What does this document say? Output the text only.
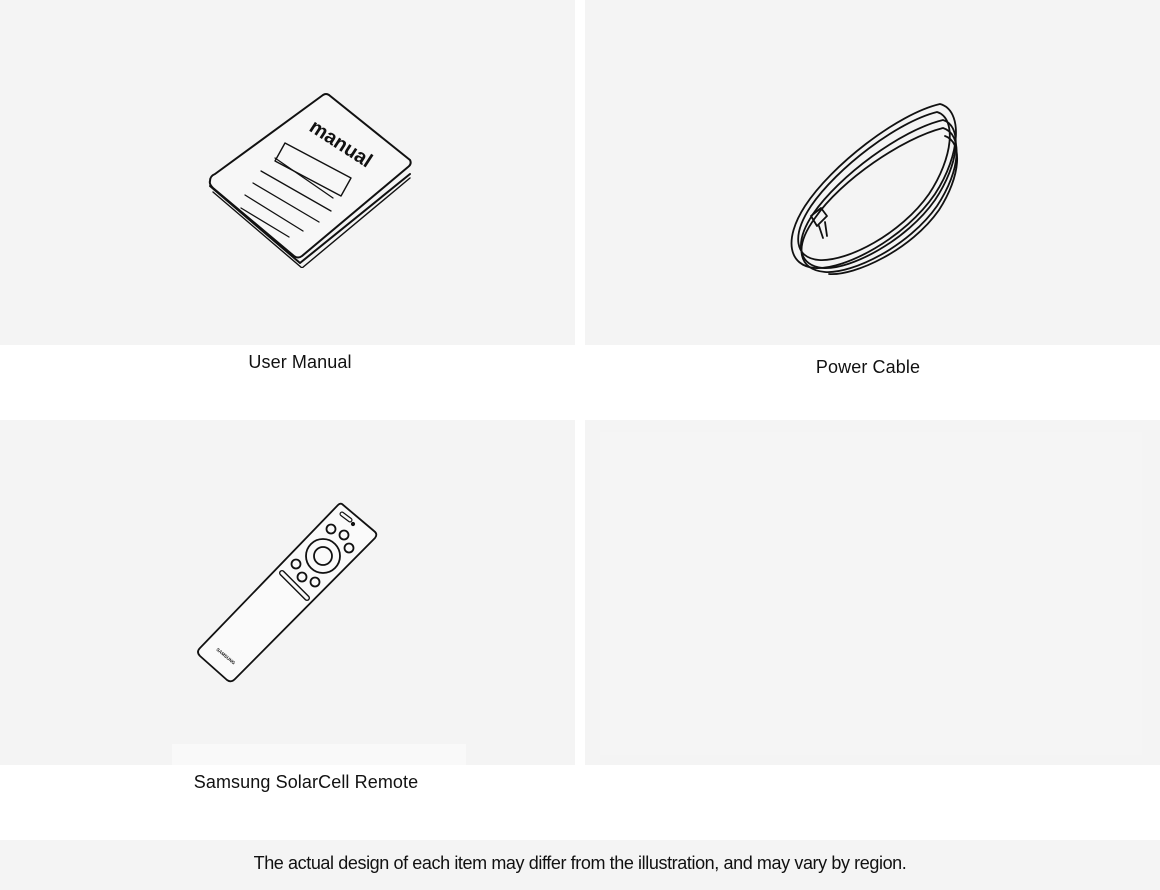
manual
User Manual	Power Cable
SAMSUNG
Samsung SolarCell Remote
The actual design of each item may differ from the illustration, and may vary by region.
